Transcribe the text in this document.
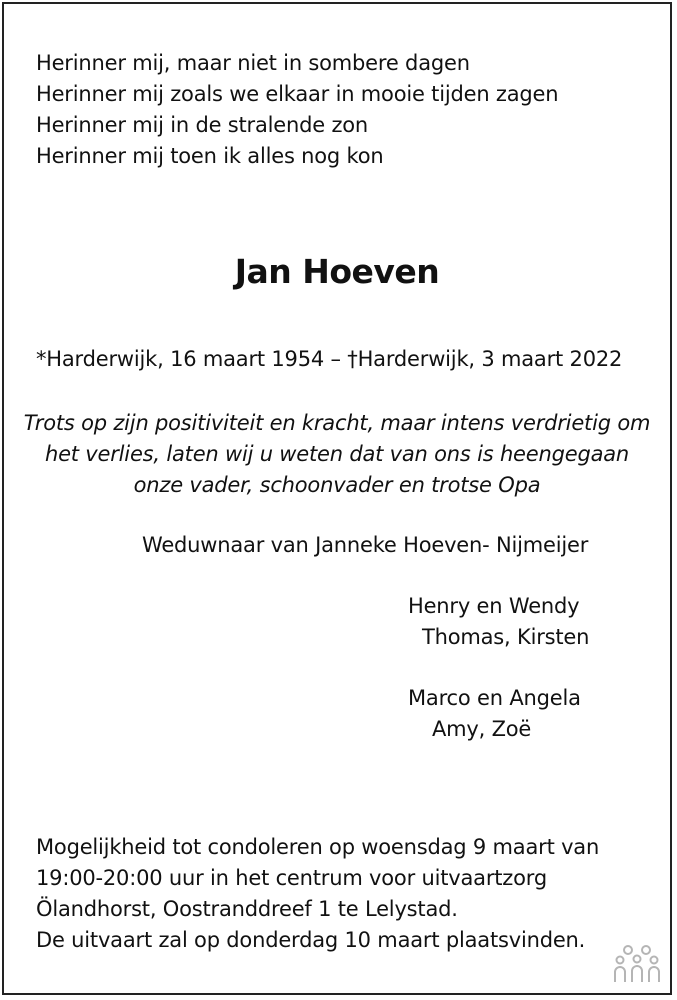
Herinner mij, maar niet in sombere dagen
Herinner mij zoals we elkaar in mooie tijden zagen
Herinner mij in de stralende zon
Herinner mij toen ik alles nog kon
Jan Hoeven
*Harderwijk, 16 maart 1954 – †Harderwijk, 3 maart 2022
Trots op zijn positiviteit en kracht, maar intens verdrietig om
het verlies, laten wij u weten dat van ons is heengegaan
onze vader, schoonvader en trotse Opa
Weduwnaar van Janneke Hoeven- Nijmeijer
Henry en Wendy
Thomas, Kirsten
Marco en Angela
Amy, Zoë
Mogelijkheid tot condoleren op woensdag 9 maart van
19:00-20:00 uur in het centrum voor uitvaartzorg
Ölandhorst, Oostranddreef 1 te Lelystad.
De uitvaart zal op donderdag 10 maart plaatsvinden.
